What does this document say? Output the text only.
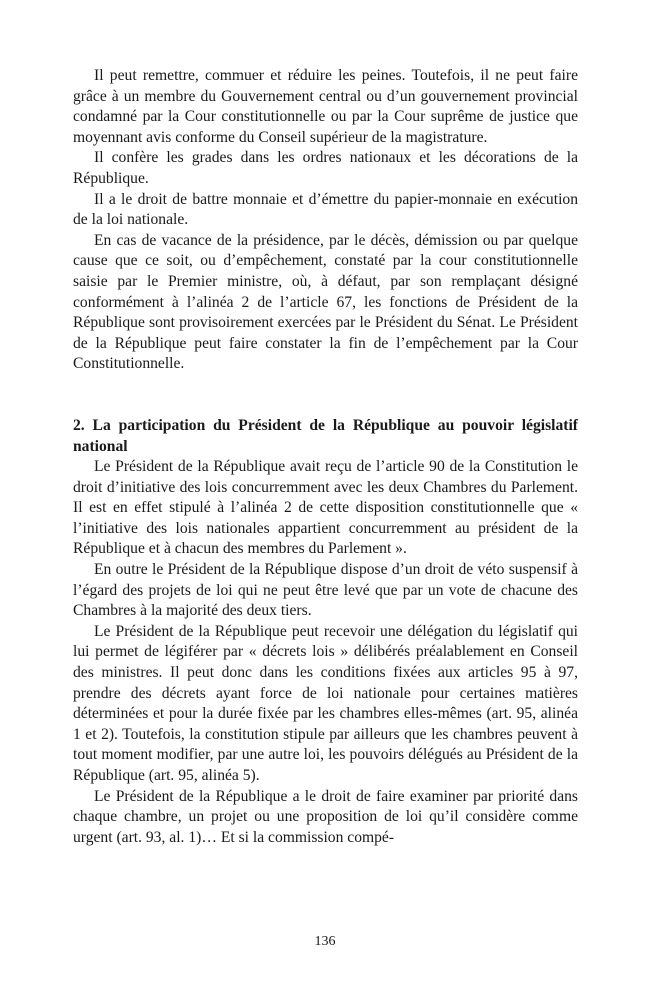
Il peut remettre, commuer et réduire les peines. Toutefois, il ne peut faire grâce à un membre du Gouvernement central ou d’un gouvernement provincial condamné par la Cour constitutionnelle ou par la Cour suprême de justice que moyennant avis conforme du Conseil supérieur de la magistrature.

Il confère les grades dans les ordres nationaux et les décorations de la République.

Il a le droit de battre monnaie et d’émettre du papier-monnaie en exécution de la loi nationale.

En cas de vacance de la présidence, par le décès, démission ou par quelque cause que ce soit, ou d’empêchement, constaté par la cour constitutionnelle saisie par le Premier ministre, où, à défaut, par son remplaçant désigné conformément à l’alinéa 2 de l’article 67, les fonctions de Président de la République sont provisoirement exercées par le Président du Sénat. Le Président de la République peut faire constater la fin de l’empêchement par la Cour Constitutionnelle.

2. La participation du Président de la République au pouvoir législatif national

Le Président de la République avait reçu de l’article 90 de la Constitution le droit d’initiative des lois concurremment avec les deux Chambres du Parlement. Il est en effet stipulé à l’alinéa 2 de cette disposition constitutionnelle que « l’initiative des lois nationales appartient concurremment au président de la République et à chacun des membres du Parlement ».

En outre le Président de la République dispose d’un droit de véto suspensif à l’égard des projets de loi qui ne peut être levé que par un vote de chacune des Chambres à la majorité des deux tiers.

Le Président de la République peut recevoir une délégation du législatif qui lui permet de légiférer par « décrets lois » délibérés préalablement en Conseil des ministres. Il peut donc dans les conditions fixées aux articles 95 à 97, prendre des décrets ayant force de loi nationale pour certaines matières déterminées et pour la durée fixée par les chambres elles-mêmes (art. 95, alinéa 1 et 2). Toutefois, la constitution stipule par ailleurs que les chambres peuvent à tout moment modifier, par une autre loi, les pouvoirs délégués au Président de la République (art. 95, alinéa 5).

Le Président de la République a le droit de faire examiner par priorité dans chaque chambre, un projet ou une proposition de loi qu’il considère comme urgent (art. 93, al. 1)… Et si la commission compé-

136
